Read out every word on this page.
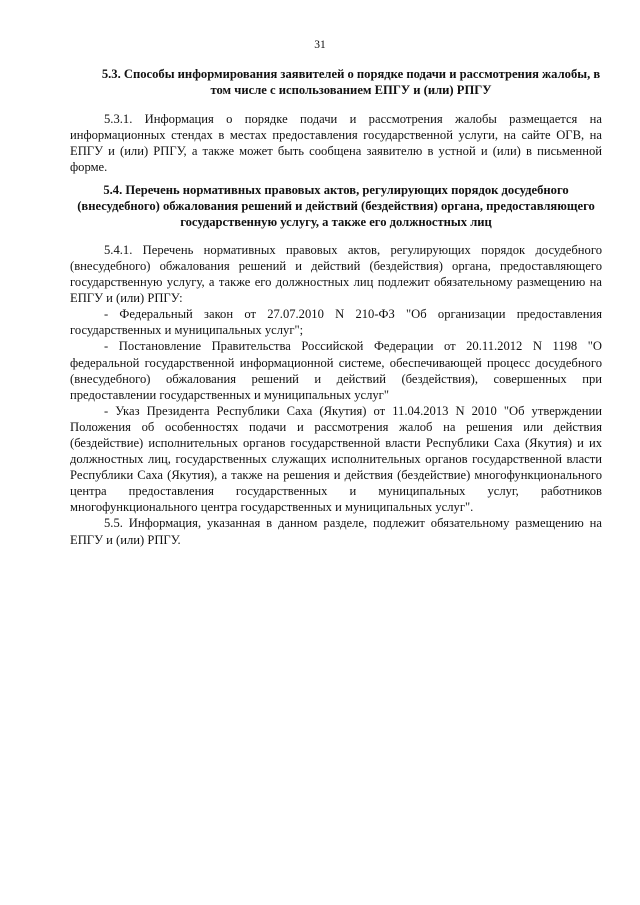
31

5.3. Способы информирования заявителей о порядке подачи и рассмотрения жалобы, в том числе с использованием ЕПГУ и (или) РПГУ

5.3.1. Информация о порядке подачи и рассмотрения жалобы размещается на информационных стендах в местах предоставления государственной услуги, на сайте ОГВ, на ЕПГУ и (или) РПГУ, а также может быть сообщена заявителю в устной и (или) в письменной форме.

5.4. Перечень нормативных правовых актов, регулирующих порядок досудебного (внесудебного) обжалования решений и действий (бездействия) органа, предоставляющего государственную услугу, а также его должностных лиц

5.4.1. Перечень нормативных правовых актов, регулирующих порядок досудебного (внесудебного) обжалования решений и действий (бездействия) органа, предоставляющего государственную услугу, а также его должностных лиц подлежит обязательному размещению на ЕПГУ и (или) РПГУ:

- Федеральный закон от 27.07.2010 N 210-ФЗ "Об организации предоставления государственных и муниципальных услуг";

- Постановление Правительства Российской Федерации от 20.11.2012 N 1198 "О федеральной государственной информационной системе, обеспечивающей процесс досудебного (внесудебного) обжалования решений и действий (бездействия), совершенных при предоставлении государственных и муниципальных услуг"

- Указ Президента Республики Саха (Якутия) от 11.04.2013 N 2010 "Об утверждении Положения об особенностях подачи и рассмотрения жалоб на решения или действия (бездействие) исполнительных органов государственной власти Республики Саха (Якутия) и их должностных лиц, государственных служащих исполнительных органов государственной власти Республики Саха (Якутия), а также на решения и действия (бездействие) многофункционального центра предоставления государственных и муниципальных услуг, работников многофункционального центра государственных и муниципальных услуг".

5.5. Информация, указанная в данном разделе, подлежит обязательному размещению на ЕПГУ и (или) РПГУ.
